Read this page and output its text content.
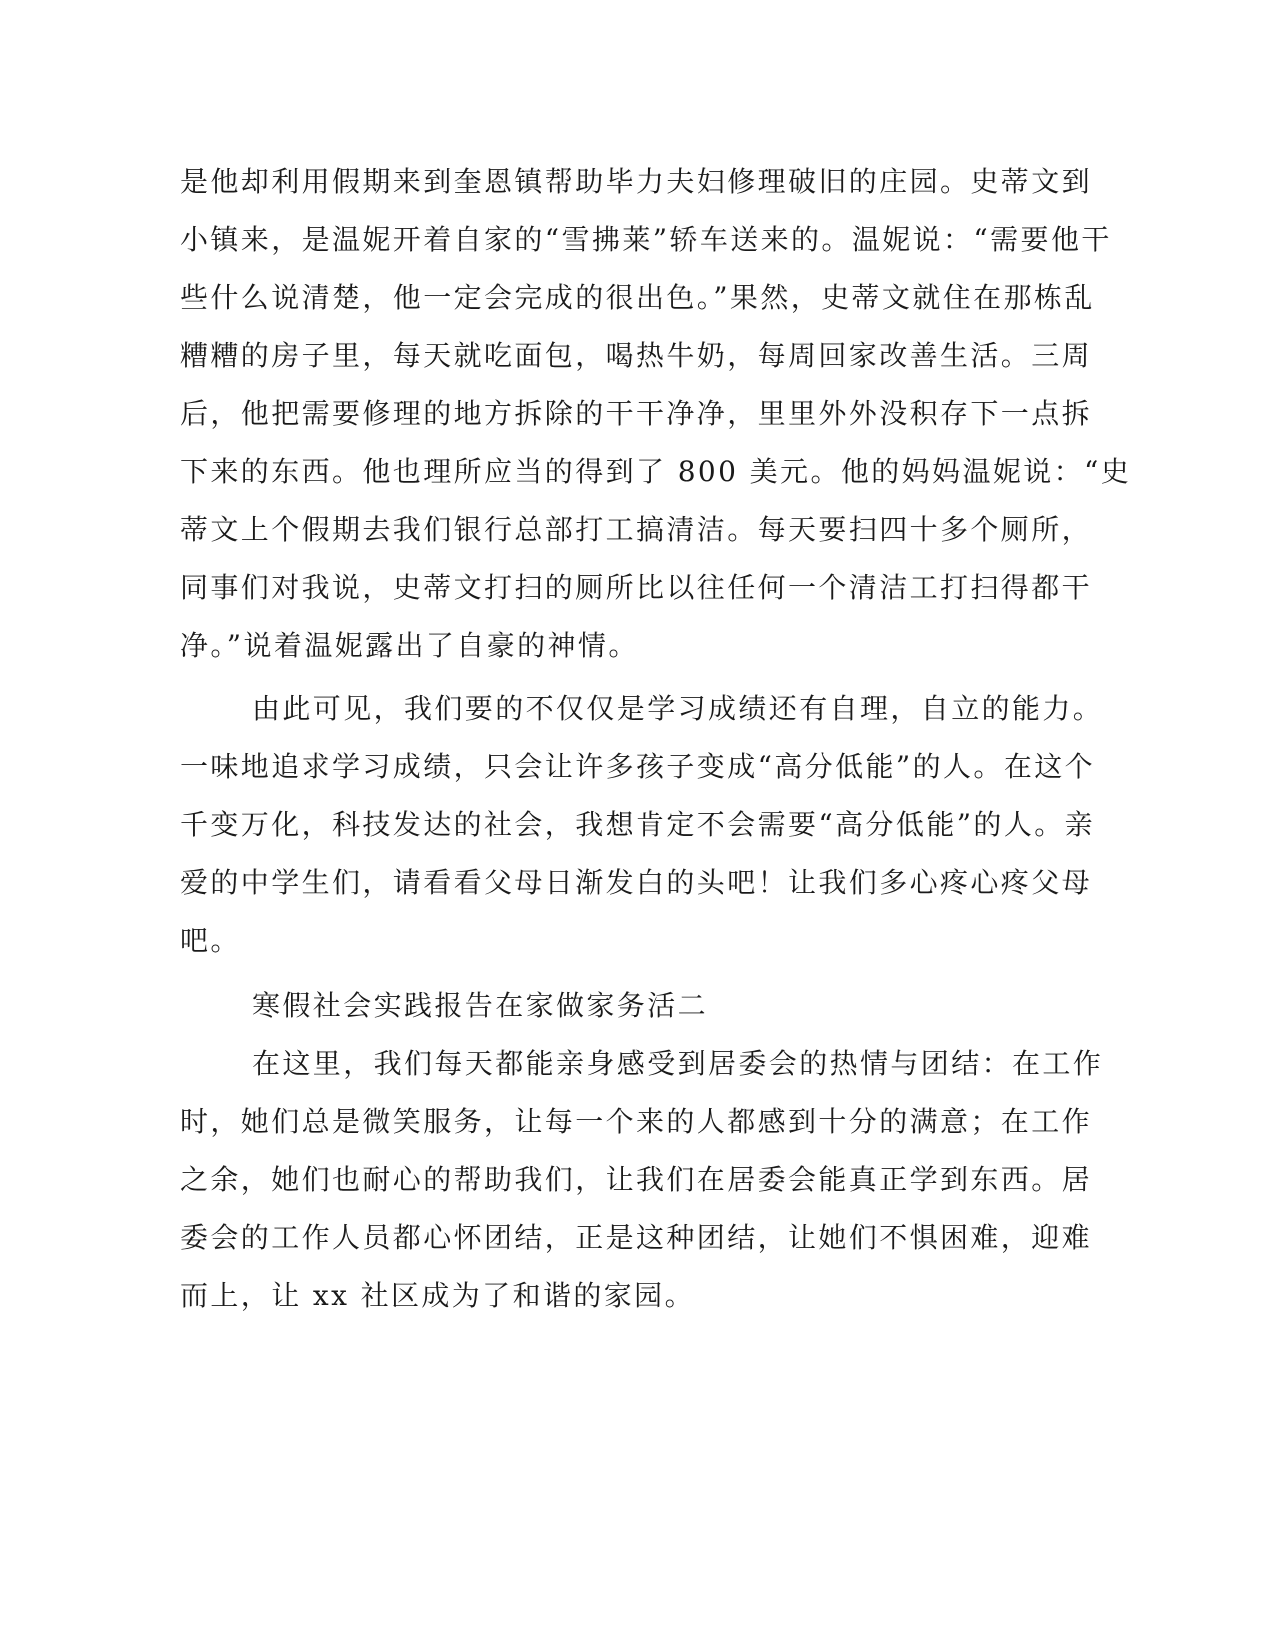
是他却利用假期来到奎恩镇帮助毕力夫妇修理破旧的庄园。史蒂文到
小镇来，是温妮开着自家的“雪拂莱”轿车送来的。温妮说：“需要他干
些什么说清楚，他一定会完成的很出色。”果然，史蒂文就住在那栋乱
糟糟的房子里，每天就吃面包，喝热牛奶，每周回家改善生活。三周
后，他把需要修理的地方拆除的干干净净，里里外外没积存下一点拆
下来的东西。他也理所应当的得到了 800 美元。他的妈妈温妮说：“史
蒂文上个假期去我们银行总部打工搞清洁。每天要扫四十多个厕所，
同事们对我说，史蒂文打扫的厕所比以往任何一个清洁工打扫得都干
净。”说着温妮露出了自豪的神情。
由此可见，我们要的不仅仅是学习成绩还有自理，自立的能力。
一味地追求学习成绩，只会让许多孩子变成“高分低能”的人。在这个
千变万化，科技发达的社会，我想肯定不会需要“高分低能”的人。亲
爱的中学生们，请看看父母日渐发白的头吧！让我们多心疼心疼父母
吧。
寒假社会实践报告在家做家务活二
在这里，我们每天都能亲身感受到居委会的热情与团结：在工作
时，她们总是微笑服务，让每一个来的人都感到十分的满意；在工作
之余，她们也耐心的帮助我们，让我们在居委会能真正学到东西。居
委会的工作人员都心怀团结，正是这种团结，让她们不惧困难，迎难
而上，让 xx 社区成为了和谐的家园。
